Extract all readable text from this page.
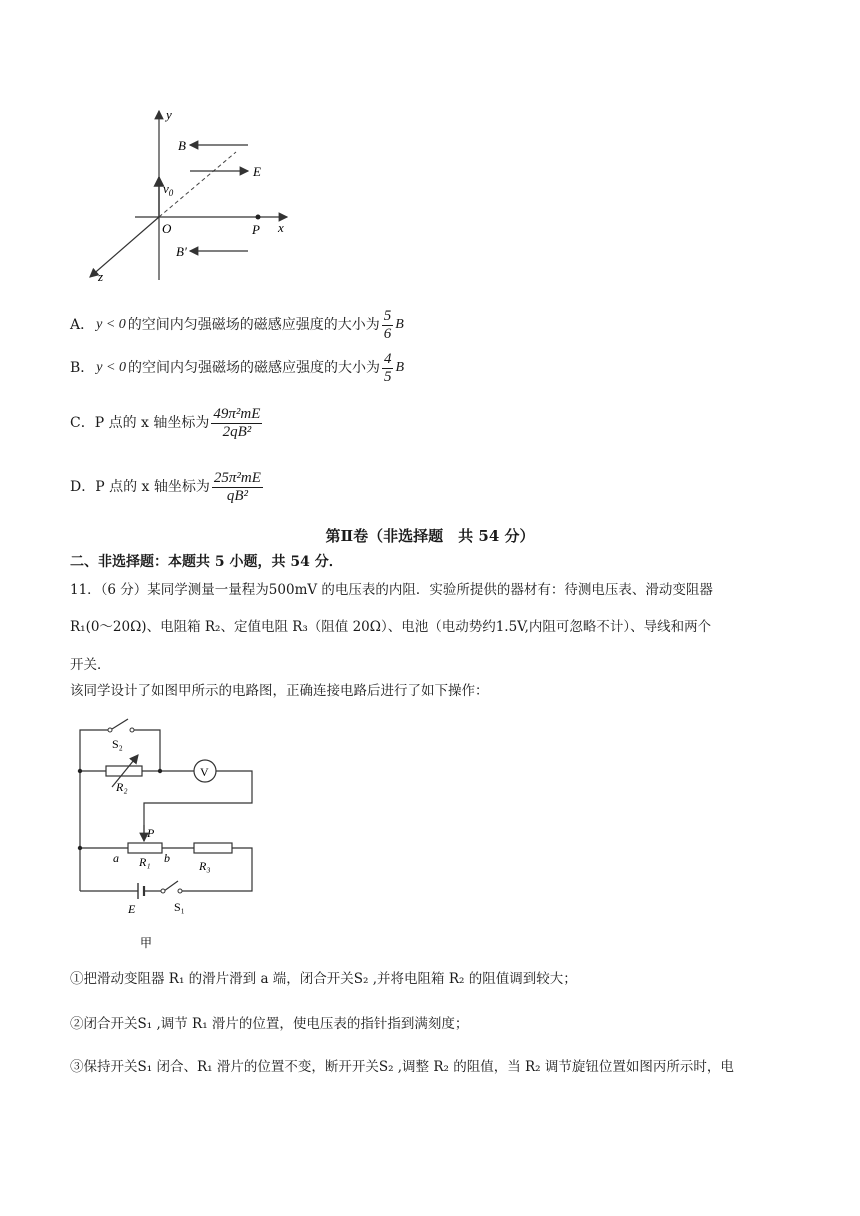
y
x
z
O	P
B
E
B′
$v_0$
A． y < 0 的空间内匀强磁场的磁感应强度的大小为 $\frac{5}{6}$ B
B． y < 0 的空间内匀强磁场的磁感应强度的大小为 $\frac{4}{5}$ B
C． P 点的 x 轴坐标为 $\frac{\text{49π²mE}}{\text{2qB²}}$
D． P 点的 x 轴坐标为 $\frac{\text{25π²mE}}{\text{qB²}}$
第Ⅱ卷（非选择题　共 54 分）
二、非选择题：本题共 5 小题，共 54 分．
11．（6 分）某同学测量一量程为500mV 的电压表的内阻．实验所提供的器材有：待测电压表、滑动变阻器
R₁(0～20Ω)、电阻箱 R₂、定值电阻 R₃（阻值 20Ω）、电池（电动势约1.5V,内阻可忽略不计）、导线和两个
开关．
该同学设计了如图甲所示的电路图，正确连接电路后进行了如下操作：
S₂
R₂
V
P
a R₁ b
R₃
E	S₁
甲
①把滑动变阻器 R₁ 的滑片滑到 a 端，闭合开关S₂ ,并将电阻箱 R₂ 的阻值调到较大；
②闭合开关S₁ ,调节 R₁ 滑片的位置，使电压表的指针指到满刻度；
③保持开关S₁ 闭合、R₁ 滑片的位置不变，断开开关S₂ ,调整 R₂ 的阻值，当 R₂ 调节旋钮位置如图丙所示时，电
